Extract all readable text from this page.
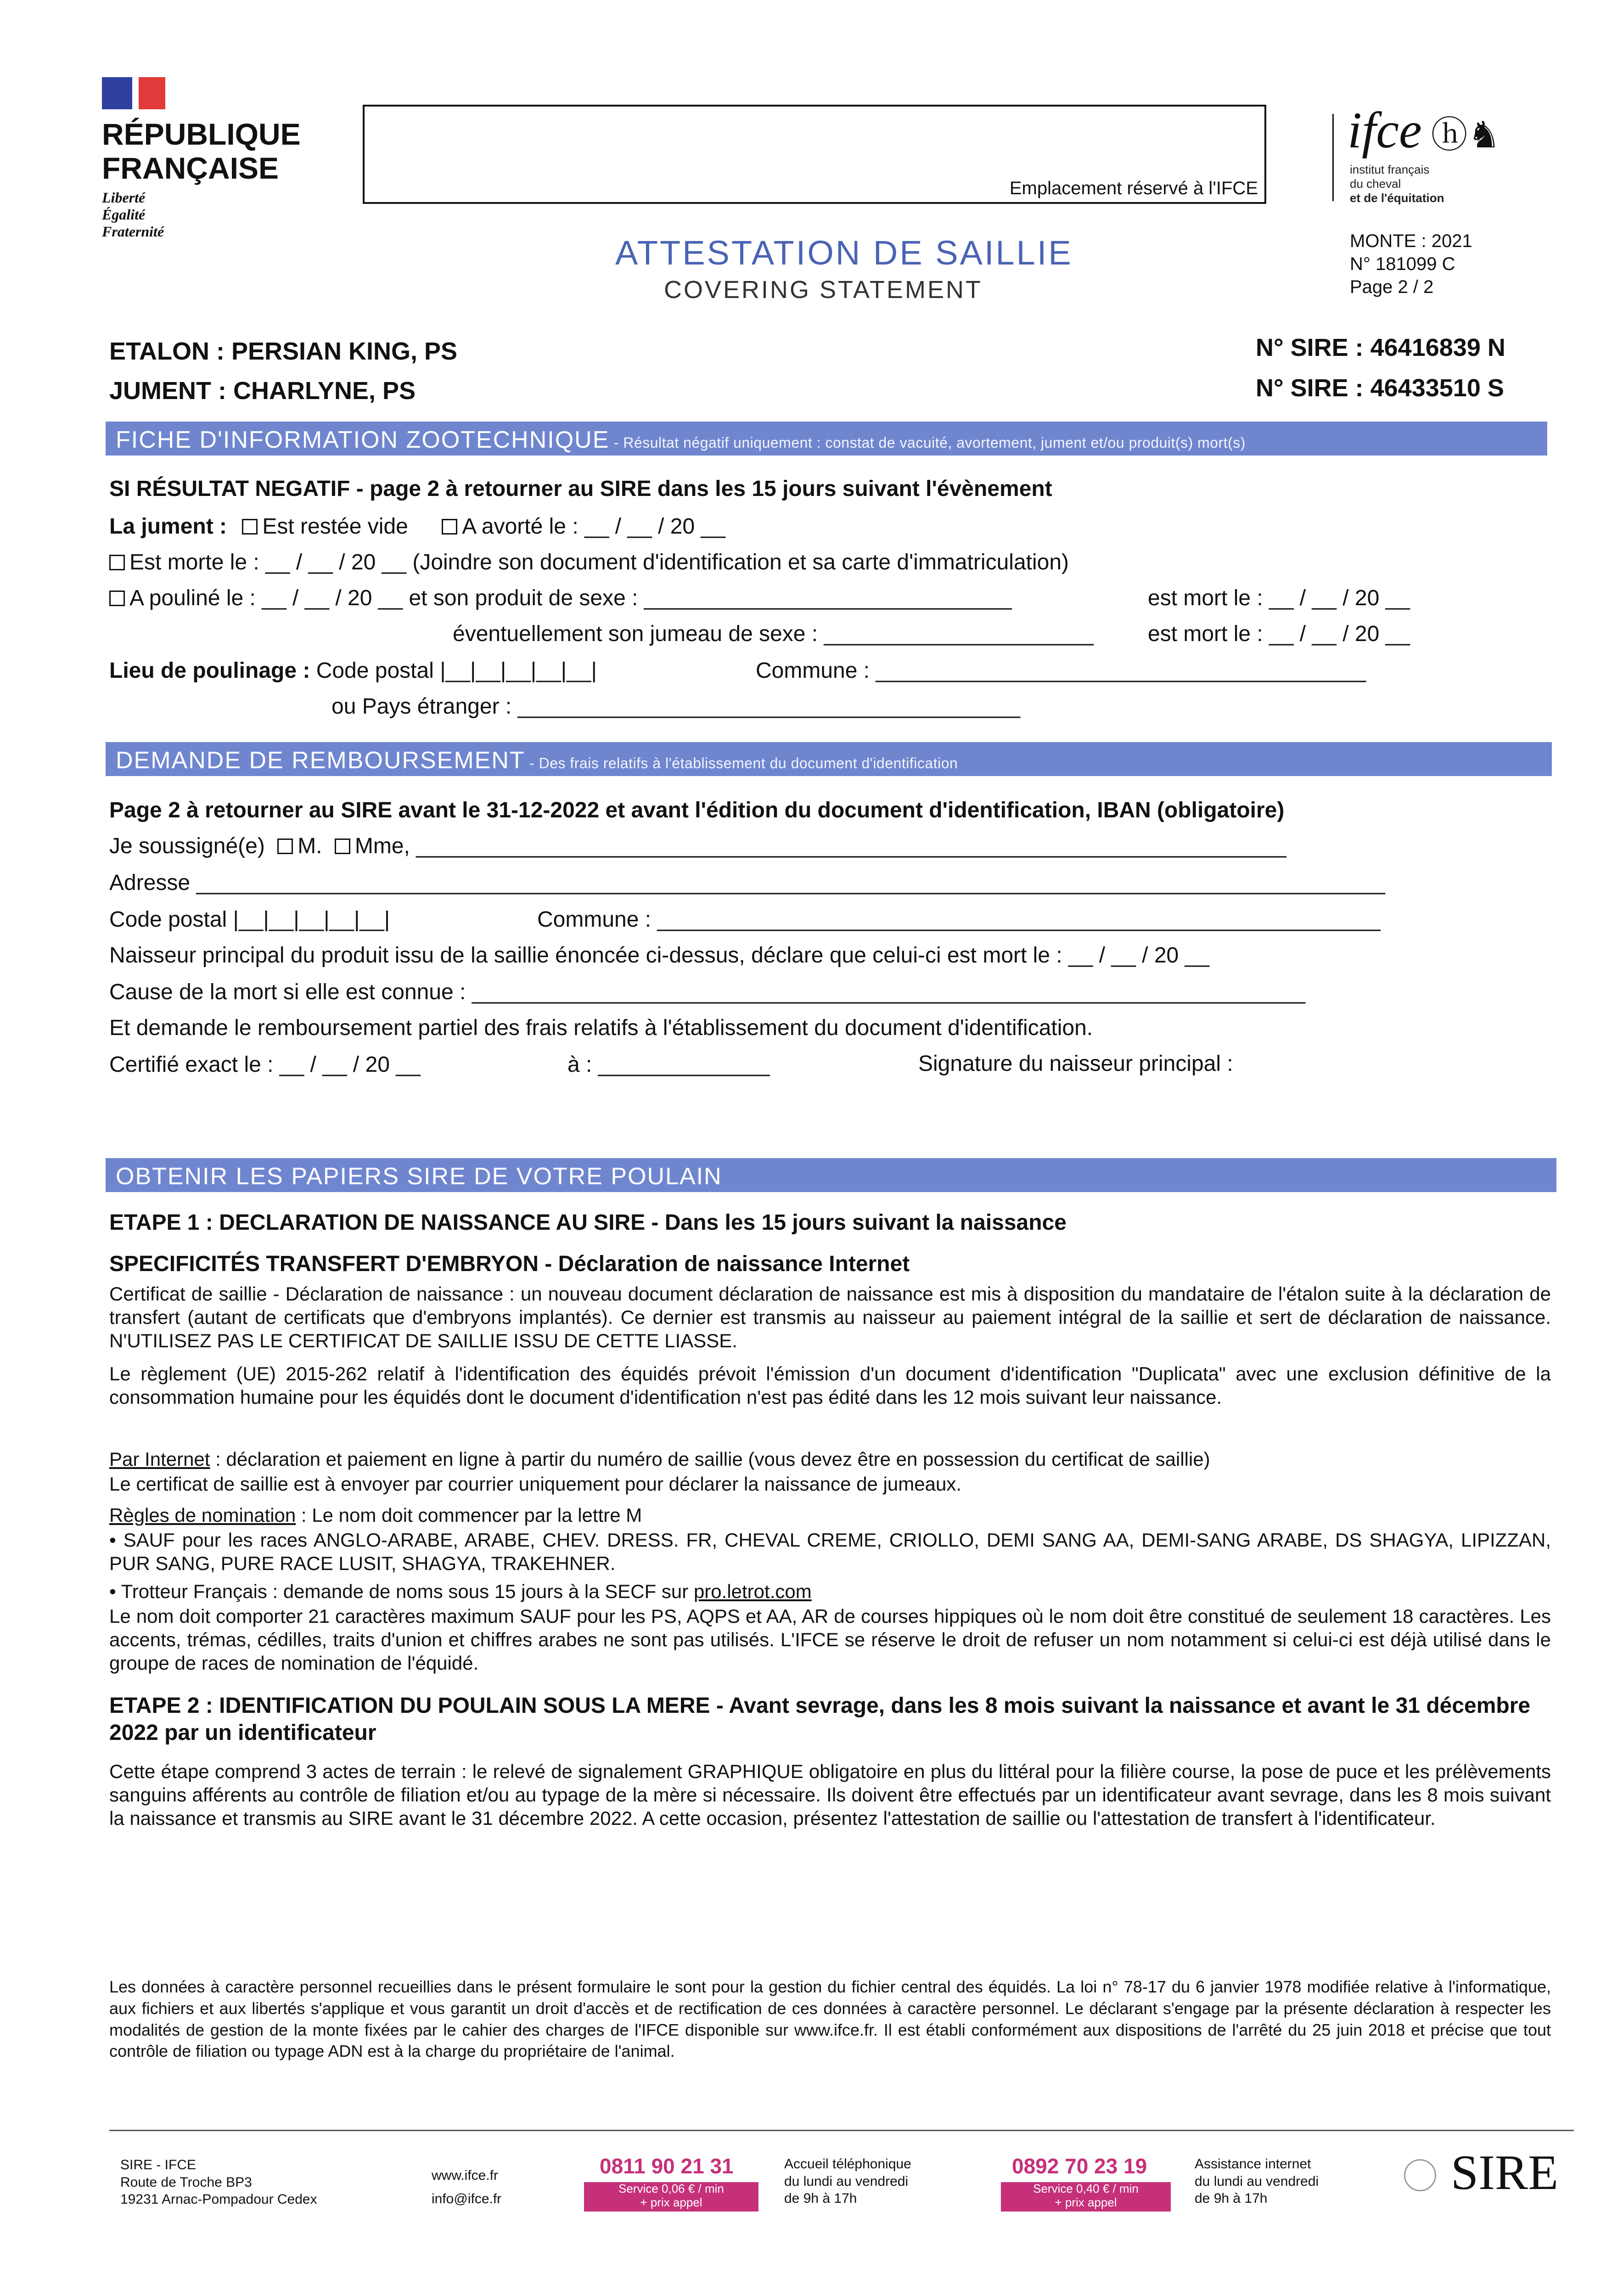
RÉPUBLIQUE
FRANÇAISE
Liberté
Égalité
Fraternité
Emplacement réservé à l'IFCE
ATTESTATION DE SAILLIE
COVERING STATEMENT
ifce ⓗ♞
institut français
du cheval
et de l'équitation
MONTE : 2021
N° 181099 C
Page 2 / 2
ETALON : PERSIAN KING, PS
JUMENT : CHARLYNE, PS
N° SIRE : 46416839 N
N° SIRE : 46433510 S
FICHE D'INFORMATION ZOOTECHNIQUE - Résultat négatif uniquement : constat de vacuité, avortement, jument et/ou produit(s) mort(s)
SI RÉSULTAT NEGATIF - page 2 à retourner au SIRE dans les 15 jours suivant l'évènement
La jument : Est restée vide A avorté le : __ / __ / 20 __
Est morte le : __ / __ / 20 __ (Joindre son document d'identification et sa carte d'immatriculation)
A pouliné le : __ / __ / 20 __ et son produit de sexe : ______________________________	est mort le : __ / __ / 20 __
éventuellement son jumeau de sexe : ______________________ est mort le : __ / __ / 20 __
Lieu de poulinage : Code postal |__|__|__|__|__|	Commune : ________________________________________
ou Pays étranger : _________________________________________
DEMANDE DE REMBOURSEMENT - Des frais relatifs à l'établissement du document d'identification
Page 2 à retourner au SIRE avant le 31-12-2022 et avant l'édition du document d'identification, IBAN (obligatoire)
Je soussigné(e) M. Mme, _______________________________________________________________________
Adresse _________________________________________________________________________________________________
Code postal |__|__|__|__|__|	Commune : ___________________________________________________________
Naisseur principal du produit issu de la saillie énoncée ci-dessus, déclare que celui-ci est mort le : __ / __ / 20 __
Cause de la mort si elle est connue : ____________________________________________________________________
Et demande le remboursement partiel des frais relatifs à l'établissement du document d'identification.
Certifié exact le : __ / __ / 20 __	à : ______________	Signature du naisseur principal :
OBTENIR LES PAPIERS SIRE DE VOTRE POULAIN
ETAPE 1 : DECLARATION DE NAISSANCE AU SIRE - Dans les 15 jours suivant la naissance
SPECIFICITÉS TRANSFERT D'EMBRYON - Déclaration de naissance Internet
Certificat de saillie - Déclaration de naissance : un nouveau document déclaration de naissance est mis à disposition du mandataire de l'étalon suite à la déclaration de transfert (autant de certificats que d'embryons implantés). Ce dernier est transmis au naisseur au paiement intégral de la saillie et sert de déclaration de naissance. N'UTILISEZ PAS LE CERTIFICAT DE SAILLIE ISSU DE CETTE LIASSE.
Le règlement (UE) 2015-262 relatif à l'identification des équidés prévoit l'émission d'un document d'identification "Duplicata" avec une exclusion définitive de la consommation humaine pour les équidés dont le document d'identification n'est pas édité dans les 12 mois suivant leur naissance.
Par Internet : déclaration et paiement en ligne à partir du numéro de saillie (vous devez être en possession du certificat de saillie)
Le certificat de saillie est à envoyer par courrier uniquement pour déclarer la naissance de jumeaux.
Règles de nomination : Le nom doit commencer par la lettre M
• SAUF pour les races ANGLO-ARABE, ARABE, CHEV. DRESS. FR, CHEVAL CREME, CRIOLLO, DEMI SANG AA, DEMI-SANG ARABE, DS SHAGYA, LIPIZZAN, PUR SANG, PURE RACE LUSIT, SHAGYA, TRAKEHNER.
• Trotteur Français : demande de noms sous 15 jours à la SECF sur pro.letrot.com
Le nom doit comporter 21 caractères maximum SAUF pour les PS, AQPS et AA, AR de courses hippiques où le nom doit être constitué de seulement 18 caractères. Les accents, trémas, cédilles, traits d'union et chiffres arabes ne sont pas utilisés. L'IFCE se réserve le droit de refuser un nom notamment si celui-ci est déjà utilisé dans le groupe de races de nomination de l'équidé.
ETAPE 2 : IDENTIFICATION DU POULAIN SOUS LA MERE - Avant sevrage, dans les 8 mois suivant la naissance et avant le 31 décembre 2022 par un identificateur
Cette étape comprend 3 actes de terrain : le relevé de signalement GRAPHIQUE obligatoire en plus du littéral pour la filière course, la pose de puce et les prélèvements sanguins afférents au contrôle de filiation et/ou au typage de la mère si nécessaire. Ils doivent être effectués par un identificateur avant sevrage, dans les 8 mois suivant la naissance et transmis au SIRE avant le 31 décembre 2022. A cette occasion, présentez l'attestation de saillie ou l'attestation de transfert à l'identificateur.
Les données à caractère personnel recueillies dans le présent formulaire le sont pour la gestion du fichier central des équidés. La loi n° 78-17 du 6 janvier 1978 modifiée relative à l'informatique, aux fichiers et aux libertés s'applique et vous garantit un droit d'accès et de rectification de ces données à caractère personnel. Le déclarant s'engage par la présente déclaration à respecter les modalités de gestion de la monte fixées par le cahier des charges de l'IFCE disponible sur www.ifce.fr. Il est établi conformément aux dispositions de l'arrêté du 25 juin 2018 et précise que tout contrôle de filiation ou typage ADN est à la charge du propriétaire de l'animal.
SIRE - IFCE
Route de Troche BP3
19231 Arnac-Pompadour Cedex
www.ifce.fr
info@ifce.fr
0811 90 21 31
Service 0,06 € / min
+ prix appel
Accueil téléphonique
du lundi au vendredi
de 9h à 17h
0892 70 23 19
Service 0,40 € / min
+ prix appel
Assistance internet
du lundi au vendredi
de 9h à 17h	SIRE
